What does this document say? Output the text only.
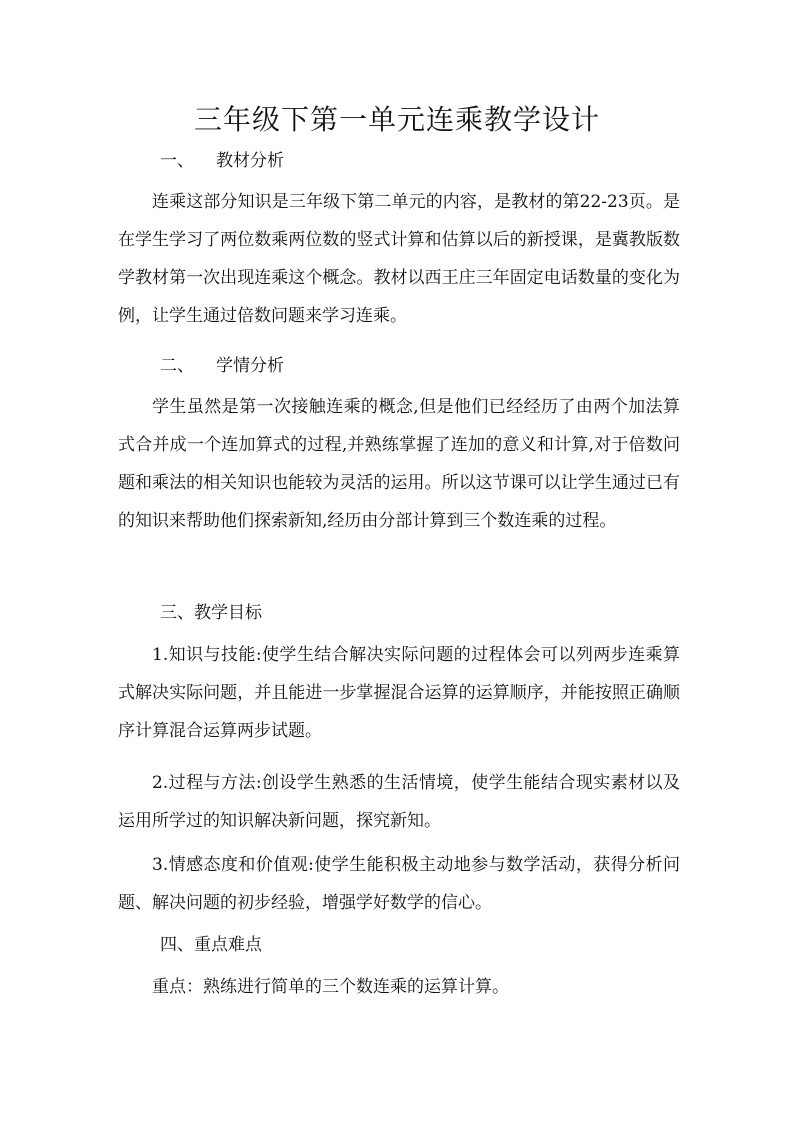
三年级下第一单元连乘教学设计
一、 教材分析

连乘这部分知识是三年级下第二单元的内容，是教材的第22-23页。是在学生学习了两位数乘两位数的竖式计算和估算以后的新授课，是冀教版数学教材第一次出现连乘这个概念。教材以西王庄三年固定电话数量的变化为例，让学生通过倍数问题来学习连乘。

二、 学情分析

学生虽然是第一次接触连乘的概念,但是他们已经经历了由两个加法算式合并成一个连加算式的过程,并熟练掌握了连加的意义和计算,对于倍数问题和乘法的相关知识也能较为灵活的运用。所以这节课可以让学生通过已有的知识来帮助他们探索新知,经历由分部计算到三个数连乘的过程。

三、教学目标

1.知识与技能:使学生结合解决实际问题的过程体会可以列两步连乘算式解决实际问题，并且能进一步掌握混合运算的运算顺序，并能按照正确顺序计算混合运算两步试题。

2.过程与方法:创设学生熟悉的生活情境，使学生能结合现实素材以及运用所学过的知识解决新问题，探究新知。

3.情感态度和价值观:使学生能积极主动地参与数学活动，获得分析问题、解决问题的初步经验，增强学好数学的信心。

四、重点难点

重点：熟练进行简单的三个数连乘的运算计算。
